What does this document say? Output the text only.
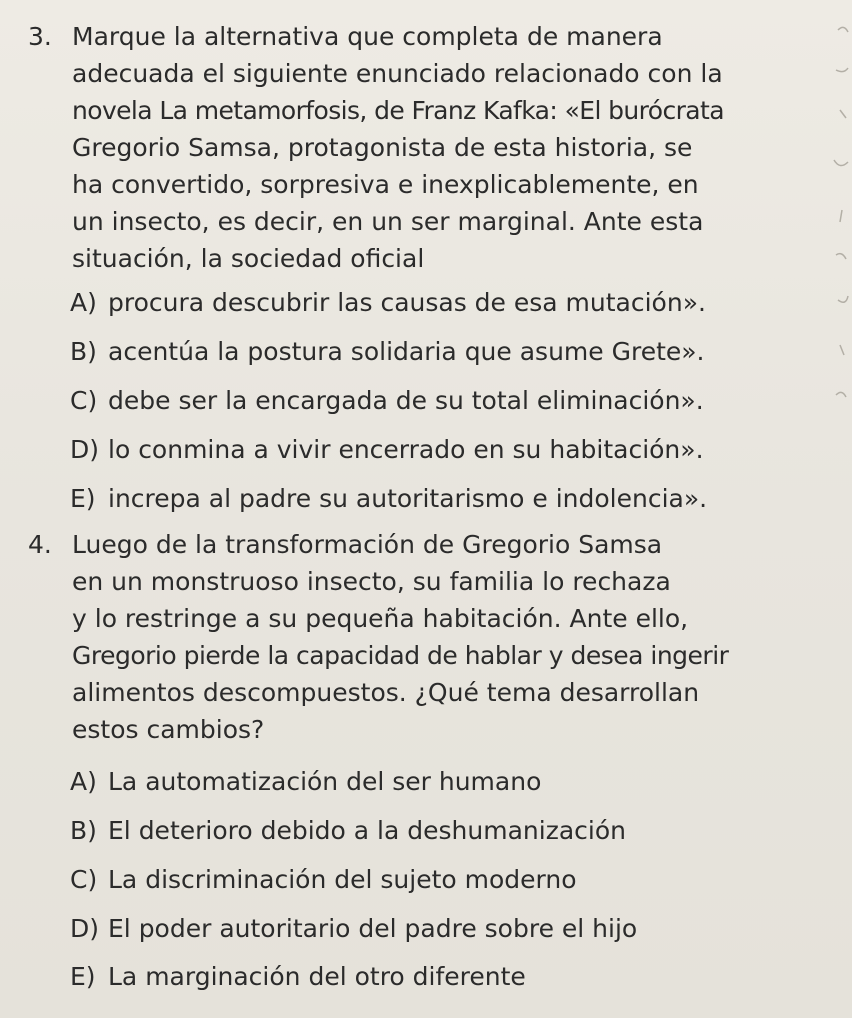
3. Marque la alternativa que completa de manera
adecuada el siguiente enunciado relacionado con la
novela La metamorfosis, de Franz Kafka: «El burócrata
Gregorio Samsa, protagonista de esta historia, se
ha convertido, sorpresiva e inexplicablemente, en
un insecto, es decir, en un ser marginal. Ante esta
situación, la sociedad oficial
A) procura descubrir las causas de esa mutación».
B) acentúa la postura solidaria que asume Grete».
C) debe ser la encargada de su total eliminación».
D) lo conmina a vivir encerrado en su habitación».
E) increpa al padre su autoritarismo e indolencia».
4. Luego de la transformación de Gregorio Samsa
en un monstruoso insecto, su familia lo rechaza
y lo restringe a su pequeña habitación. Ante ello,
Gregorio pierde la capacidad de hablar y desea ingerir
alimentos descompuestos. ¿Qué tema desarrollan
estos cambios?
A) La automatización del ser humano
B) El deterioro debido a la deshumanización
C) La discriminación del sujeto moderno
D) El poder autoritario del padre sobre el hijo
E) La marginación del otro diferente
